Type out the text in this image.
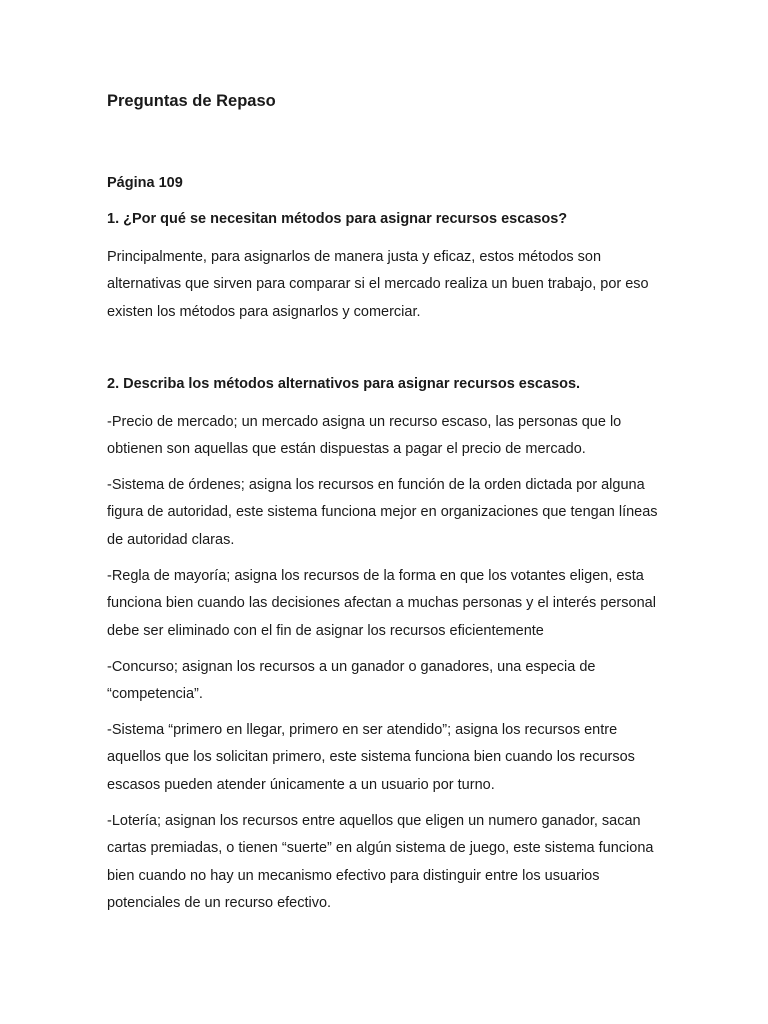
Preguntas de Repaso

Página 109

1. ¿Por qué se necesitan métodos para asignar recursos escasos?

Principalmente, para asignarlos de manera justa y eficaz, estos métodos son alternativas que sirven para comparar si el mercado realiza un buen trabajo, por eso existen los métodos para asignarlos y comerciar.

2. Describa los métodos alternativos para asignar recursos escasos.

-Precio de mercado; un mercado asigna un recurso escaso, las personas que lo obtienen son aquellas que están dispuestas a pagar el precio de mercado.

-Sistema de órdenes; asigna los recursos en función de la orden dictada por alguna figura de autoridad, este sistema funciona mejor en organizaciones que tengan líneas de autoridad claras.

-Regla de mayoría; asigna los recursos de la forma en que los votantes eligen, esta funciona bien cuando las decisiones afectan a muchas personas y el interés personal debe ser eliminado con el fin de asignar los recursos eficientemente

-Concurso; asignan los recursos a un ganador o ganadores, una especia de “competencia”.

-Sistema “primero en llegar, primero en ser atendido”; asigna los recursos entre aquellos que los solicitan primero, este sistema funciona bien cuando los recursos escasos pueden atender únicamente a un usuario por turno.

-Lotería; asignan los recursos entre aquellos que eligen un numero ganador, sacan cartas premiadas, o tienen “suerte” en algún sistema de juego, este sistema funciona bien cuando no hay un mecanismo efectivo para distinguir entre los usuarios potenciales de un recurso efectivo.
